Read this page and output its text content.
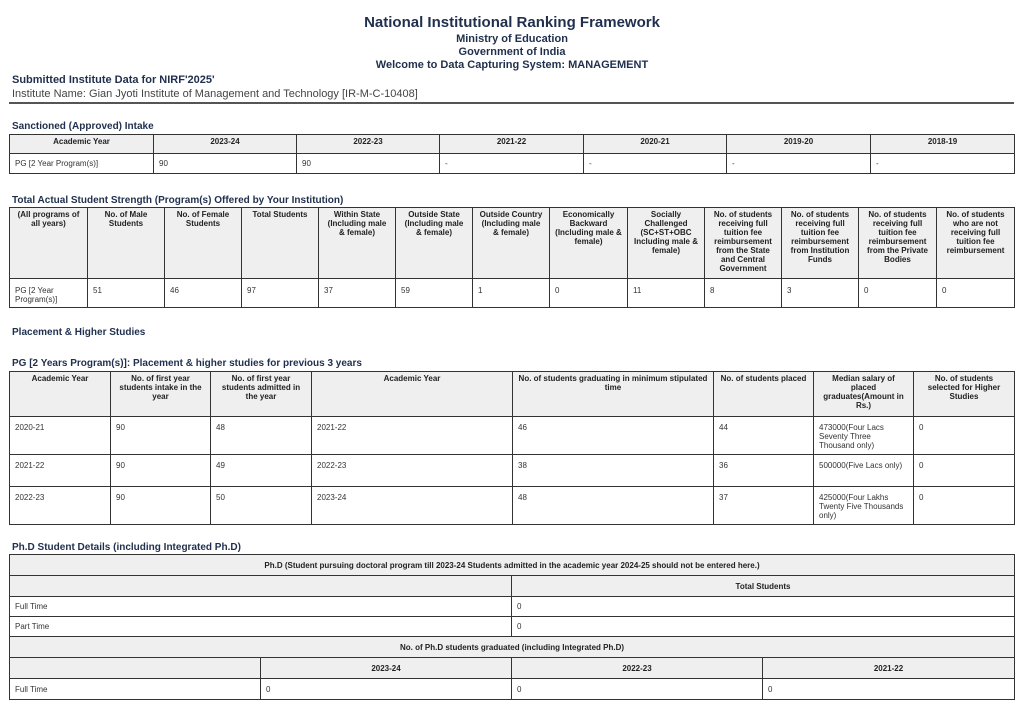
National Institutional Ranking Framework
Ministry of Education
Government of India
Welcome to Data Capturing System: MANAGEMENT
Submitted Institute Data for NIRF'2025'
Institute Name: Gian Jyoti Institute of Management and Technology [IR-M-C-10408]
Sanctioned (Approved) Intake
Academic Year	2023-24	2022-23	2021-22	2020-21	2019-20	2018-19
PG [2 Year Program(s)]	90	90	-	-	-	-
Total Actual Student Strength (Program(s) Offered by Your Institution)
(All programs of all years)	No. of Male Students	No. of Female Students	Total Students	Within State (Including male & female)	Outside State (Including male & female)	Outside Country (Including male & female)	Economically Backward (Including male & female)	Socially Challenged (SC+ST+OBC Including male & female)	No. of students receiving full tuition fee reimbursement from the State and Central Government	No. of students receiving full tuition fee reimbursement from Institution Funds	No. of students receiving full tuition fee reimbursement from the Private Bodies	No. of students who are not receiving full tuition fee reimbursement
PG [2 Year Program(s)]	51	46	97	37	59	1	0	11	8	3	0	0
Placement & Higher Studies
PG [2 Years Program(s)]: Placement & higher studies for previous 3 years
Academic Year	No. of first year students intake in the year	No. of first year students admitted in the year	Academic Year	No. of students graduating in minimum stipulated time	No. of students placed	Median salary of placed graduates(Amount in Rs.)	No. of students selected for Higher Studies
2020-21	90	48	2021-22	46	44	473000(Four Lacs Seventy Three Thousand only)	0
2021-22	90	49	2022-23	38	36	500000(Five Lacs only)	0
2022-23	90	50	2023-24	48	37	425000(Four Lakhs Twenty Five Thousands only)	0
Ph.D Student Details (including Integrated Ph.D)
Ph.D (Student pursuing doctoral program till 2023-24 Students admitted in the academic year 2024-25 should not be entered here.)			
		Total Students	
Full Time		0	
Part Time		0	
No. of Ph.D students graduated (including Integrated Ph.D)			
	2023-24	2022-23	2021-22
Full Time	0	0	0
